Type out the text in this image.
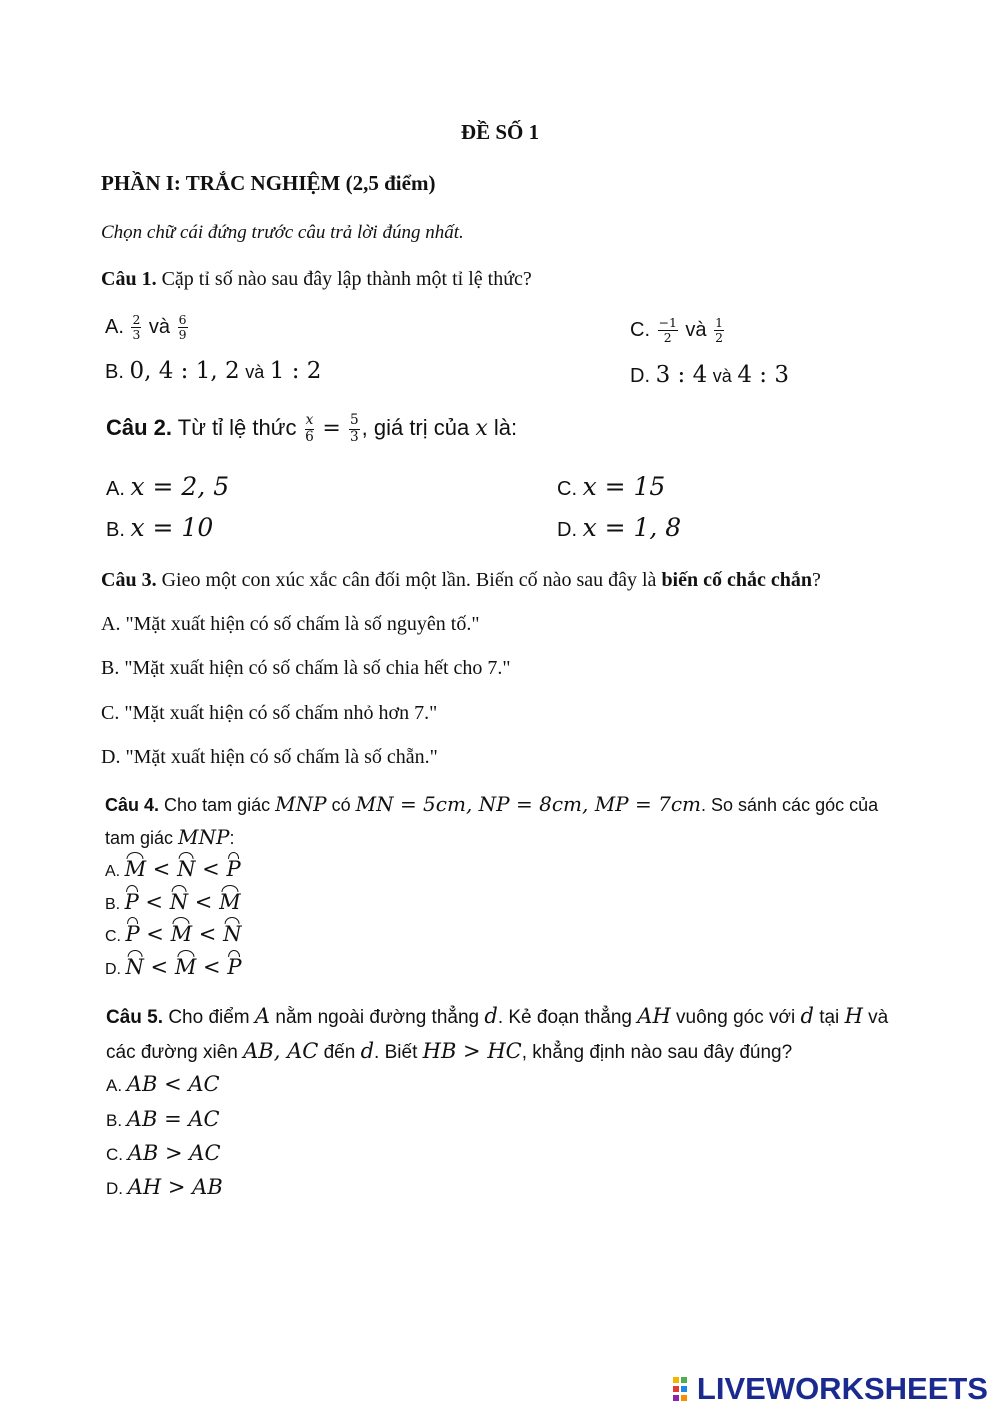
ĐỀ SỐ 1
PHẦN I: TRẮC NGHIỆM (2,5 điểm)
Chọn chữ cái đứng trước câu trả lời đúng nhất.
Câu 1. Cặp tỉ số nào sau đây lập thành một tỉ lệ thức?
A. $\frac{2}{3}$ và $\frac{6}{9}$	C. $\frac{-1}{2}$ và $\frac{1}{2}$
B. 0, 4 : 1, 2 và 1 : 2	D. 3 : 4 và 4 : 3
Câu 2. Từ tỉ lệ thức $\frac{x}{6} = \frac{5}{3}$ , giá trị của x là:
A. x = 2, 5	C. x = 15
B. x = 10	D. x = 1, 8
Câu 3. Gieo một con xúc xắc cân đối một lần. Biến cố nào sau đây là biến cố chắc chắn?
A. "Mặt xuất hiện có số chấm là số nguyên tố."
B. "Mặt xuất hiện có số chấm là số chia hết cho 7."
C. "Mặt xuất hiện có số chấm nhỏ hơn 7."
D. "Mặt xuất hiện có số chấm là số chẵn."
Câu 4. Cho tam giác MNP có MN = 5cm, NP = 8cm, MP = 7cm. So sánh các góc của
tam giác MNP:
A. M < N < P
B. P < N < M
C. P < M < N
D. N < M < P
Câu 5. Cho điểm A nằm ngoài đường thẳng d. Kẻ đoạn thẳng AH vuông góc với d tại H và
các đường xiên AB, AC đến d. Biết HB > HC, khẳng định nào sau đây đúng?
A. AB < AC
B. AB = AC
C. AB > AC
D. AH > AB
LIVEWORKSHEETS
